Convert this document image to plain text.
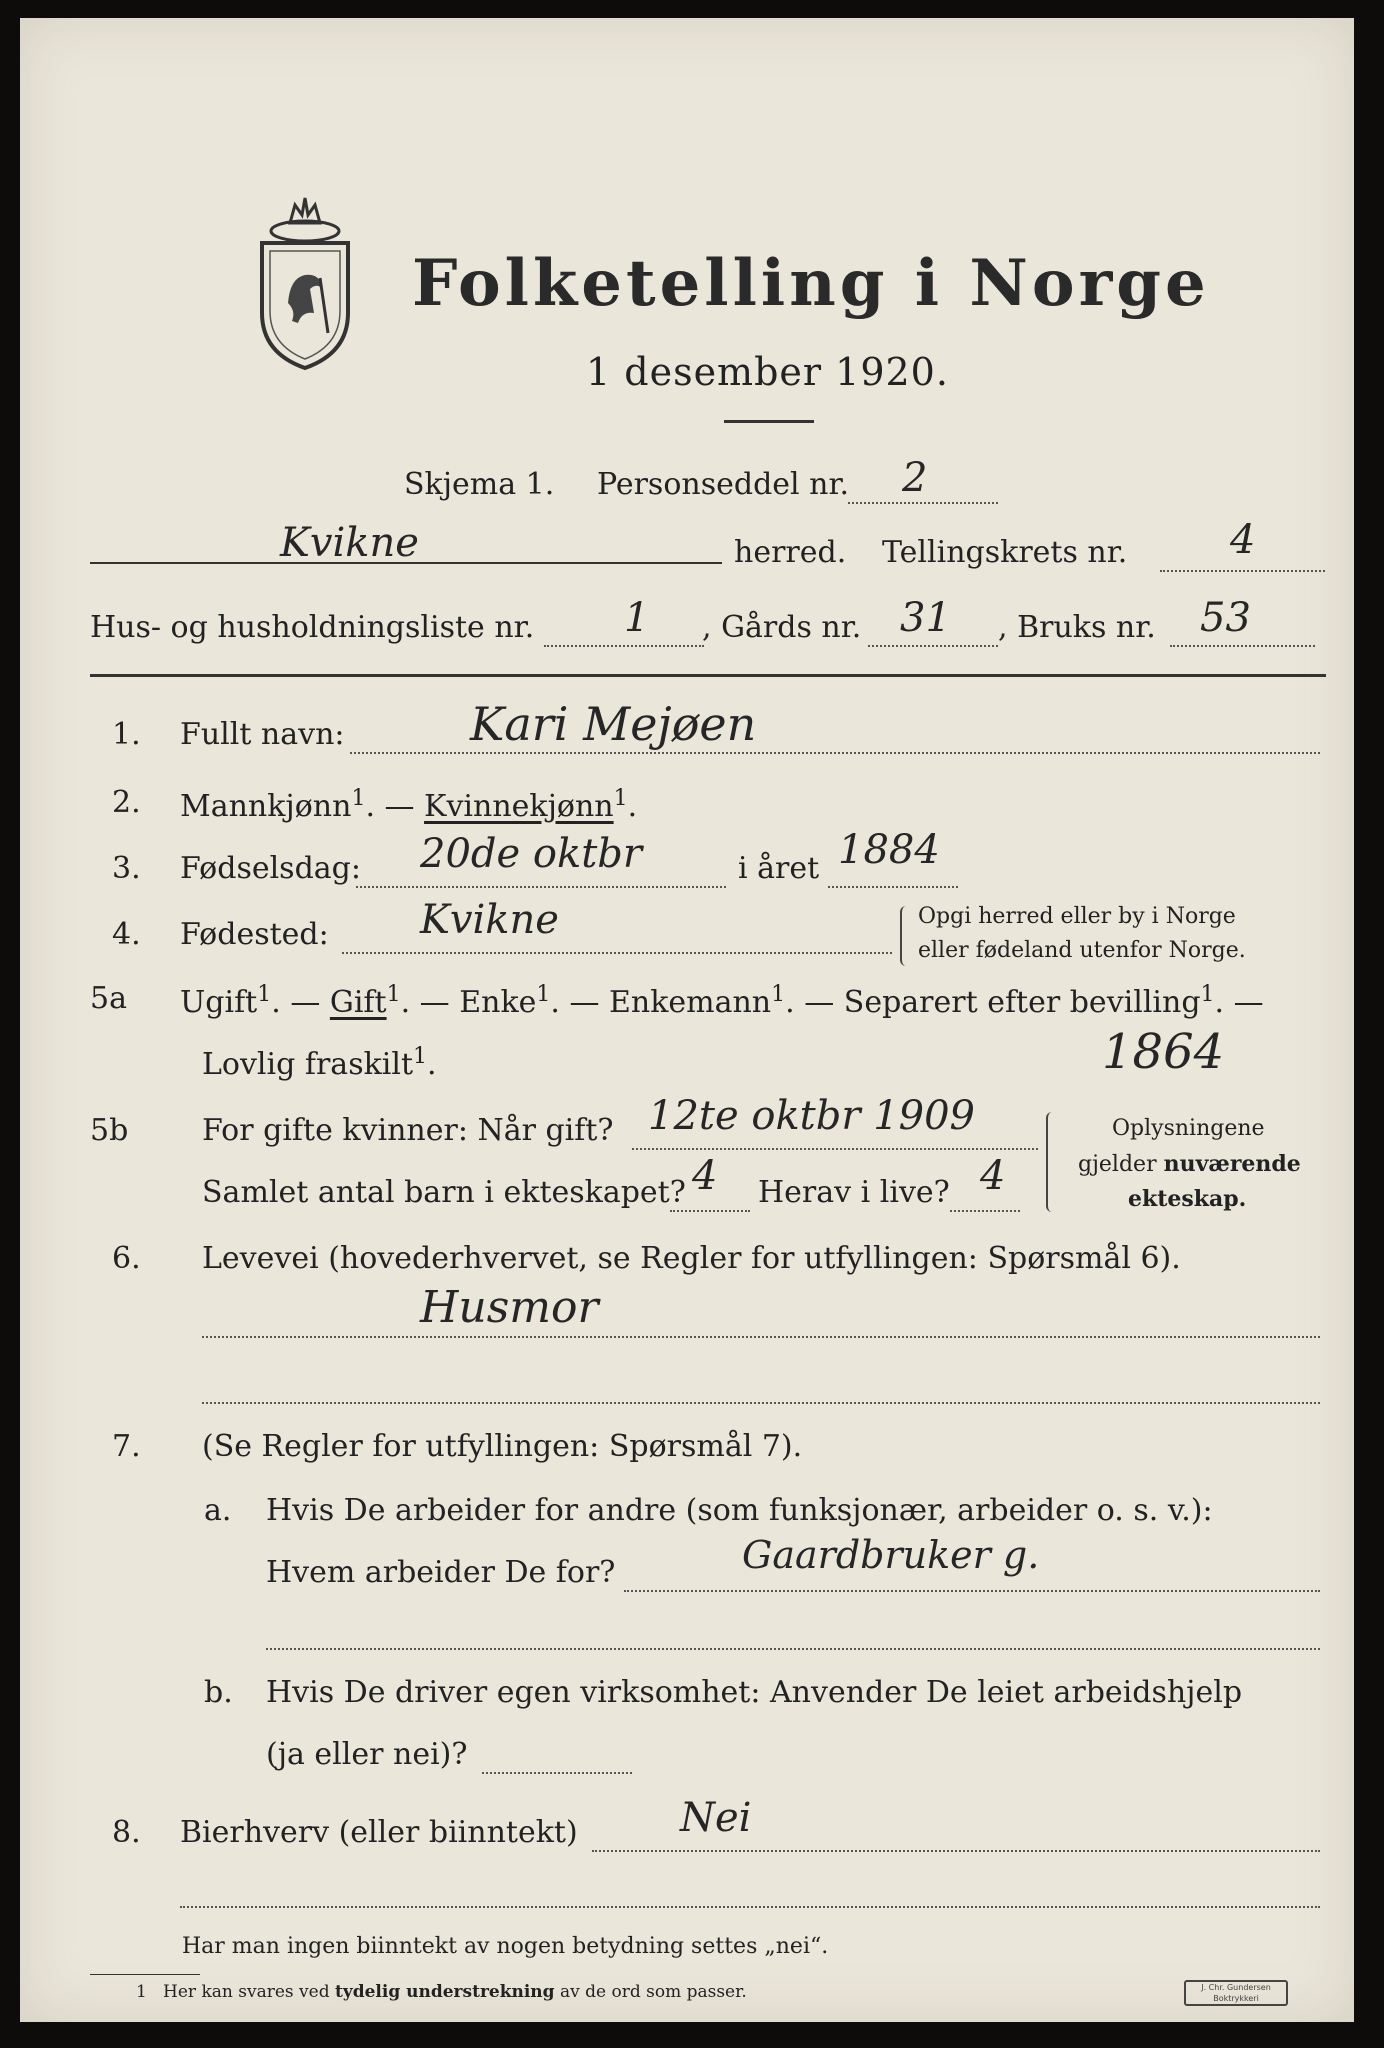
Folketelling i Norge
1 desember 1920.
Skjema 1. Personseddel nr. 2
Kvikne	herred. Tellingskrets nr.	4
Hus- og husholdningsliste nr. 1 , Gårds nr. 31 , Bruks nr. 53
1. Fullt navn:	Kari Mejøen
2. Mannkjønn$^1$. — Kvinnekjønn$^1$.
3. Fødselsdag: 20de oktbr	i året 1884
4. Fødested: Kvikne	Opgi herred eller by i Norge
eller fødeland utenfor Norge.
5a Ugift$^1$. — Gift$^1$. — Enke$^1$. — Enkemann$^1$. — Separert efter bevilling$^1$. —
Lovlig fraskilt$^1$.	1864
5b For gifte kvinner: Når gift? 12te oktbr 1909
Samlet antal barn i ekteskapet? 4 Herav i live? 4
Oplysningene
gjelder nuværende
ekteskap.
6. Levevei (hovederhvervet, se Regler for utfyllingen: Spørsmål 6).
Husmor
7. (Se Regler for utfyllingen: Spørsmål 7).
a. Hvis De arbeider for andre (som funksjonær, arbeider o. s. v.):
Hvem arbeider De for?	Gaardbruker g.
b. Hvis De driver egen virksomhet: Anvender De leiet arbeidshjelp
(ja eller nei)?
8. Bierhverv (eller biinntekt)	Nei
Har man ingen biinntekt av nogen betydning settes „nei“.
1 Her kan svares ved tydelig understrekning av de ord som passer.	J. Chr. Gundersen Boktrykkeri
